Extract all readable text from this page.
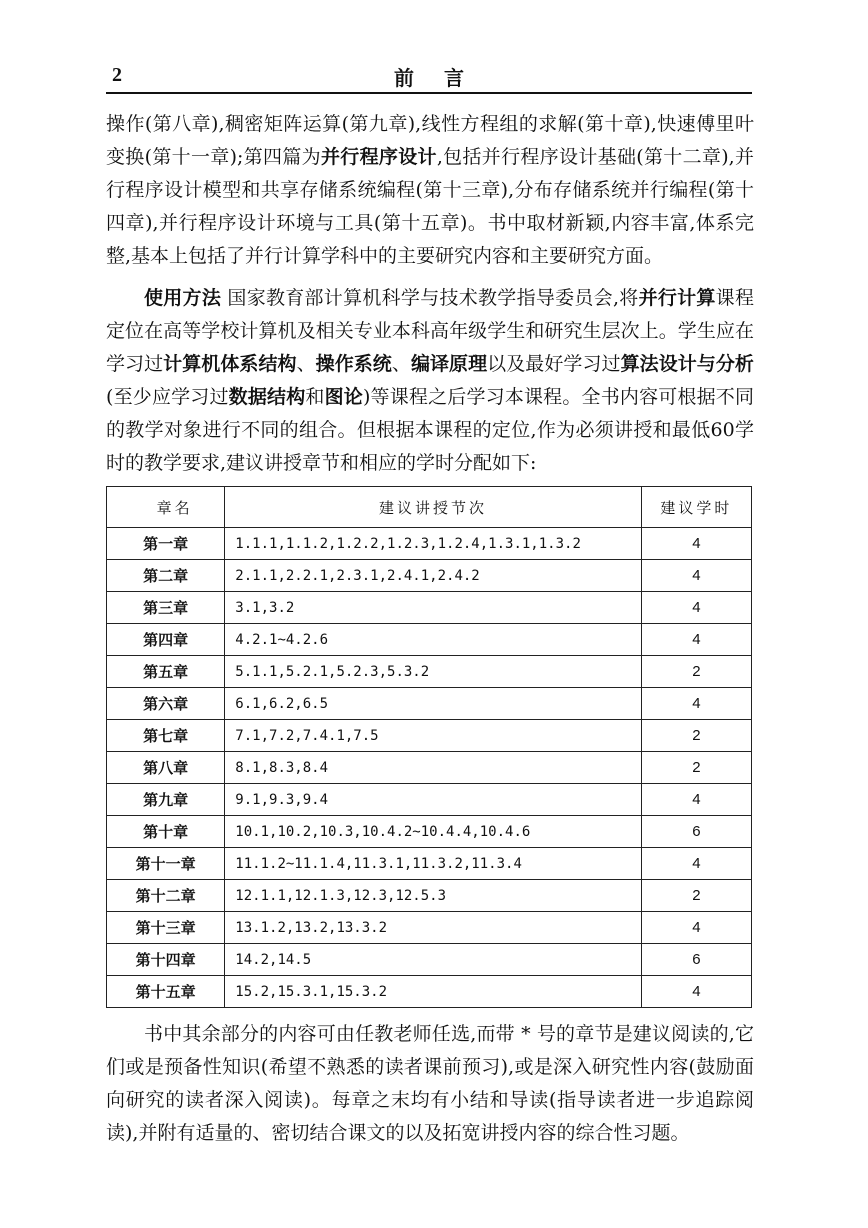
2	前言
操作(第八章),稠密矩阵运算(第九章),线性方程组的求解(第十章),快速傅里叶变换(第十一章);第四篇为并行程序设计,包括并行程序设计基础(第十二章),并行程序设计模型和共享存储系统编程(第十三章),分布存储系统并行编程(第十四章),并行程序设计环境与工具(第十五章)。书中取材新颖,内容丰富,体系完整,基本上包括了并行计算学科中的主要研究内容和主要研究方面。
使用方法 国家教育部计算机科学与技术教学指导委员会,将并行计算课程定位在高等学校计算机及相关专业本科高年级学生和研究生层次上。学生应在学习过计算机体系结构、操作系统、编译原理以及最好学习过算法设计与分析(至少应学习过数据结构和图论)等课程之后学习本课程。全书内容可根据不同的教学对象进行不同的组合。但根据本课程的定位,作为必须讲授和最低60学时的教学要求,建议讲授章节和相应的学时分配如下:
章名	建议讲授节次	建议学时
第一章	1.1.1,1.1.2,1.2.2,1.2.3,1.2.4,1.3.1,1.3.2	4
第二章	2.1.1,2.2.1,2.3.1,2.4.1,2.4.2	4
第三章	3.1,3.2	4
第四章	4.2.1~4.2.6	4
第五章	5.1.1,5.2.1,5.2.3,5.3.2	2
第六章	6.1,6.2,6.5	4
第七章	7.1,7.2,7.4.1,7.5	2
第八章	8.1,8.3,8.4	2
第九章	9.1,9.3,9.4	4
第十章	10.1,10.2,10.3,10.4.2~10.4.4,10.4.6	6
第十一章	11.1.2~11.1.4,11.3.1,11.3.2,11.3.4	4
第十二章	12.1.1,12.1.3,12.3,12.5.3	2
第十三章	13.1.2,13.2,13.3.2	4
第十四章	14.2,14.5	6
第十五章	15.2,15.3.1,15.3.2	4
书中其余部分的内容可由任教老师任选,而带 * 号的章节是建议阅读的,它们或是预备性知识(希望不熟悉的读者课前预习),或是深入研究性内容(鼓励面向研究的读者深入阅读)。每章之末均有小结和导读(指导读者进一步追踪阅读),并附有适量的、密切结合课文的以及拓宽讲授内容的综合性习题。
